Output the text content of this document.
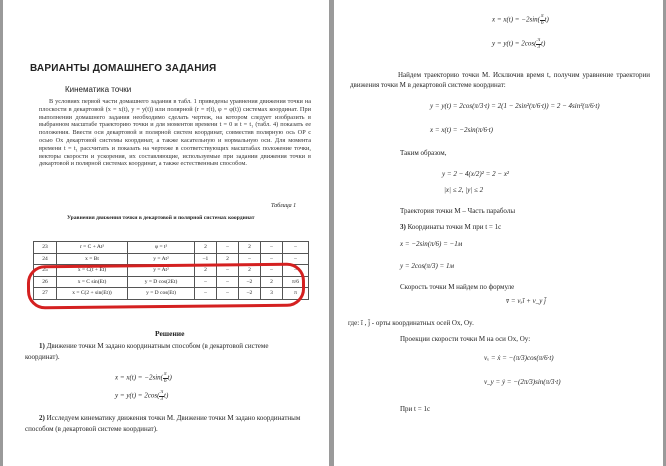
ВАРИАНТЫ ДОМАШНЕГО ЗАДАНИЯ
Кинематика точки

В условиях первой части домашнего задания в табл. 1 приведены уравнения движения точки на плоскости в декартовой (x = x(t), y = y(t)) или полярной (r = r(t), φ = φ(t)) системах координат. При выполнении домашнего задания необходимо сделать чертеж, на котором следует изобразить в выбранном масштабе траекторию точки и для моментов времени t = 0 и t = t₁ (табл. 4) показать ее положения. Ввести оси декартовой и полярной систем координат, совместив полярную ось OP с осью Ox декартовой системы координат, а также касательную и нормальную оси. Для момента времени t = t₁ рассчитать и показать на чертеже в соответствующих масштабах положение точки, векторы скорости и ускорения, их составляющие, используемые при задании движения точки в декартовой и полярной системах координат, а также естественным способом.

Таблица 1
Уравнения движения точки в декартовой и полярной системах координат
23	r = C + At²	φ = t²	2	–	2	–	–
24	x = Bt	y = At²	–1	2	–	–	–
25	x = C(t + Et)	y = At²	2	–	2	–	–
26	x = C sin(Et)	y = D cos(2Et)	–	–	–2	2	π/6
27	x = C(2 + sin(Et))	y = D cos(Et)	–	–	–2	3	π
Решение
1) Движение точки М задано координатным способом (в декартовой системе координат).
$x = x(t) = -2\sin( \frac{\pi}{6} t)$
$y = y(t) = 2\cos( \frac{\pi}{3} t)$
2) Исследуем кинематику движения точки М. Движение точки М задано координатным способом (в декартовой системе координат).
$x = x(t) = -2\sin( \frac{\pi}{6} t)$
$y = y(t) = 2\cos( \frac{\pi}{3} t)$
Найдем траекторию точки М. Исключив время t, получим уравнение траектории движения точки М в декартовой системе координат:
y = y(t) = 2cos(π/3·t) = 2(1 − 2sin²(π/6·t)) = 2 − 4sin²(π/6·t)
x = x(t) = −2sin(π/6·t)
Таким образом,
y = 2 − 4(x/2)² = 2 − x²
|x| ≤ 2, |y| ≤ 2
Траектория точки М – Часть параболы
3) Координаты точки М при t = 1c
x = −2sin(π/6) = −1м
y = 2cos(π/3) = 1м
Скорость точки М найдем по формуле
v̄ = vₓī + v_y j̄
где: ī , j̄ - орты координатных осей Ox, Oy.
Проекции скорости точки М на оси Ox, Oy:
vₓ = ẋ = −(π/3)cos(π/6·t)
v_y = ẏ = −(2π/3)sin(π/3·t)
При t = 1c
